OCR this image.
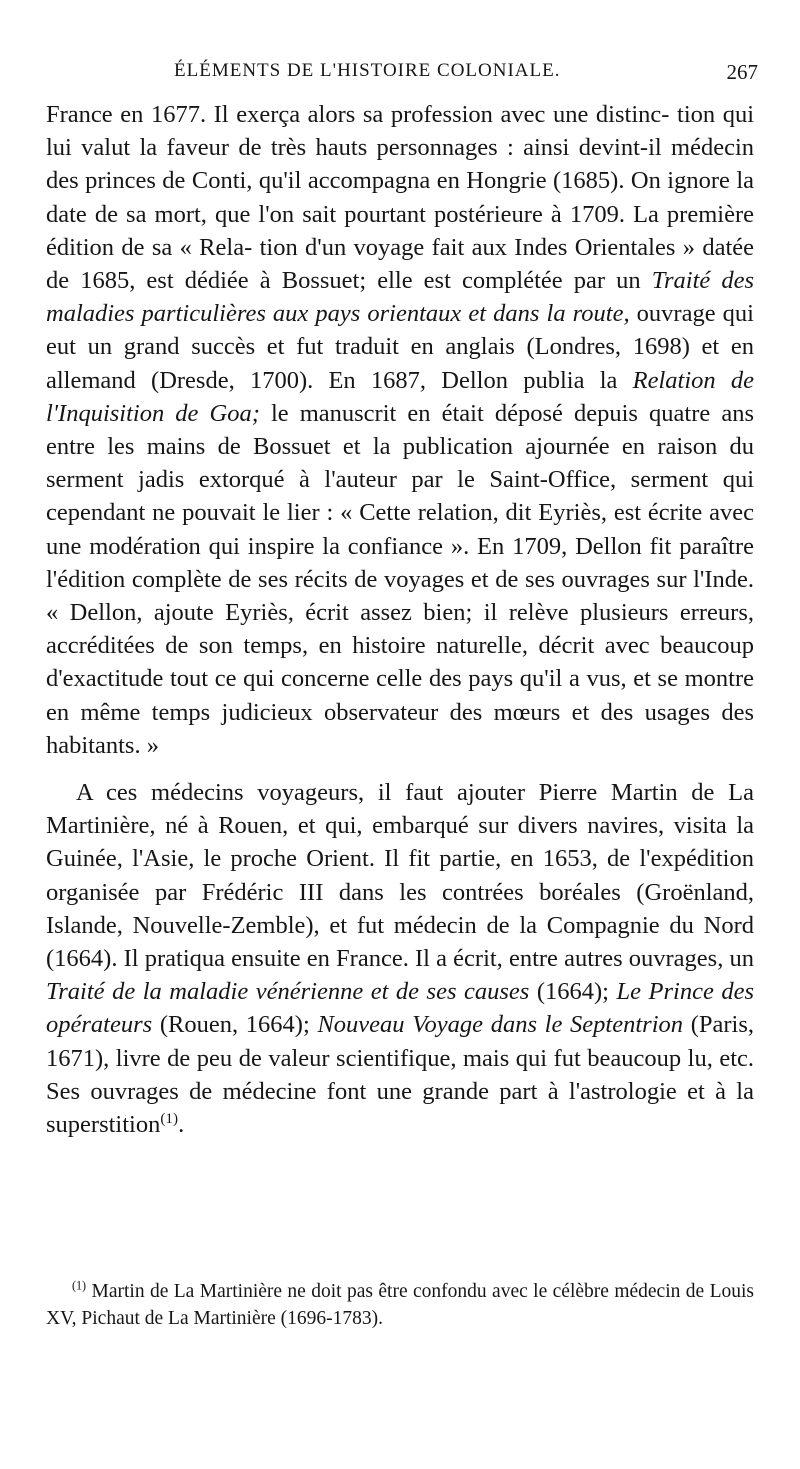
ÉLÉMENTS DE L'HISTOIRE COLONIALE.	267

France en 1677. Il exerça alors sa profession avec une distinc- tion qui lui valut la faveur de très hauts personnages : ainsi devint-il médecin des princes de Conti, qu'il accompagna en Hongrie (1685). On ignore la date de sa mort, que l'on sait pourtant postérieure à 1709. La première édition de sa « Rela- tion d'un voyage fait aux Indes Orientales » datée de 1685, est dédiée à Bossuet; elle est complétée par un Traité des maladies particulières aux pays orientaux et dans la route, ouvrage qui eut un grand succès et fut traduit en anglais (Londres, 1698) et en allemand (Dresde, 1700). En 1687, Dellon publia la Relation de l'Inquisition de Goa; le manuscrit en était déposé depuis quatre ans entre les mains de Bossuet et la publication ajournée en raison du serment jadis extorqué à l'auteur par le Saint-Office, serment qui cependant ne pouvait le lier : « Cette relation, dit Eyriès, est écrite avec une modération qui inspire la confiance ». En 1709, Dellon fit paraître l'édition complète de ses récits de voyages et de ses ouvrages sur l'Inde. « Dellon, ajoute Eyriès, écrit assez bien; il relève plusieurs erreurs, accréditées de son temps, en histoire naturelle, décrit avec beaucoup d'exactitude tout ce qui concerne celle des pays qu'il a vus, et se montre en même temps judicieux observateur des mœurs et des usages des habitants. »

A ces médecins voyageurs, il faut ajouter Pierre Martin de La Martinière, né à Rouen, et qui, embarqué sur divers navires, visita la Guinée, l'Asie, le proche Orient. Il fit partie, en 1653, de l'expédition organisée par Frédéric III dans les contrées boréales (Groënland, Islande, Nouvelle-Zemble), et fut médecin de la Compagnie du Nord (1664). Il pratiqua ensuite en France. Il a écrit, entre autres ouvrages, un Traité de la maladie vénérienne et de ses causes (1664); Le Prince des opérateurs (Rouen, 1664); Nouveau Voyage dans le Septentrion (Paris, 1671), livre de peu de valeur scientifique, mais qui fut beaucoup lu, etc. Ses ouvrages de médecine font une grande part à l'astrologie et à la superstition$^{(1)}$.

$^{(1)}$ Martin de La Martinière ne doit pas être confondu avec le célèbre médecin de Louis XV, Pichaut de La Martinière (1696-1783).
